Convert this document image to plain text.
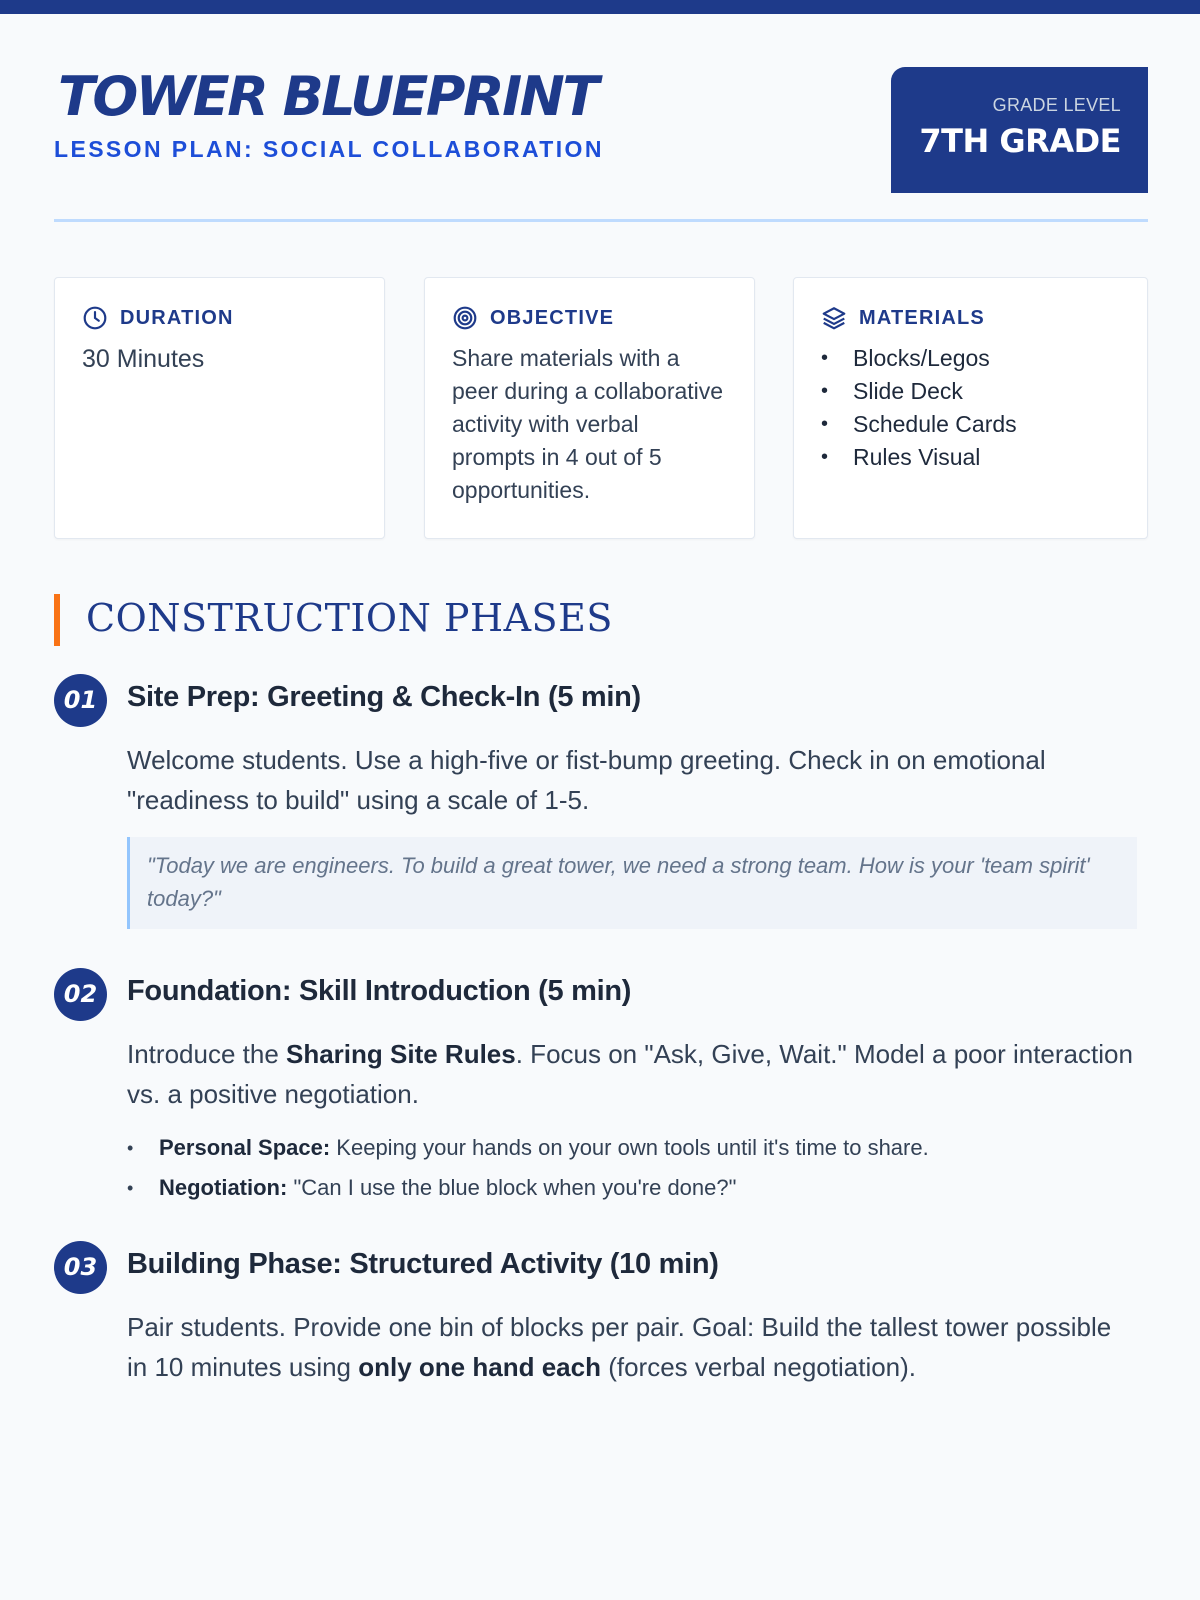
TOWER BLUEPRINT
LESSON PLAN: SOCIAL COLLABORATION
GRADE LEVEL
7TH GRADE
DURATION
30 Minutes
OBJECTIVE
Share materials with a peer during a collaborative activity with verbal prompts in 4 out of 5 opportunities.
MATERIALS
• Blocks/Legos
• Slide Deck
• Schedule Cards
• Rules Visual
CONSTRUCTION PHASES
01	Site Prep: Greeting & Check-In (5 min)

Welcome students. Use a high-five or fist-bump greeting. Check in on emotional "readiness to build" using a scale of 1-5.

"Today we are engineers. To build a great tower, we need a strong team. How is your 'team spirit' today?"
02	Foundation: Skill Introduction (5 min)

Introduce the Sharing Site Rules. Focus on "Ask, Give, Wait." Model a poor interaction vs. a positive negotiation.

• Personal Space: Keeping your hands on your own tools until it's time to share.
• Negotiation: "Can I use the blue block when you're done?"
03	Building Phase: Structured Activity (10 min)

Pair students. Provide one bin of blocks per pair. Goal: Build the tallest tower possible in 10 minutes using only one hand each (forces verbal negotiation).
